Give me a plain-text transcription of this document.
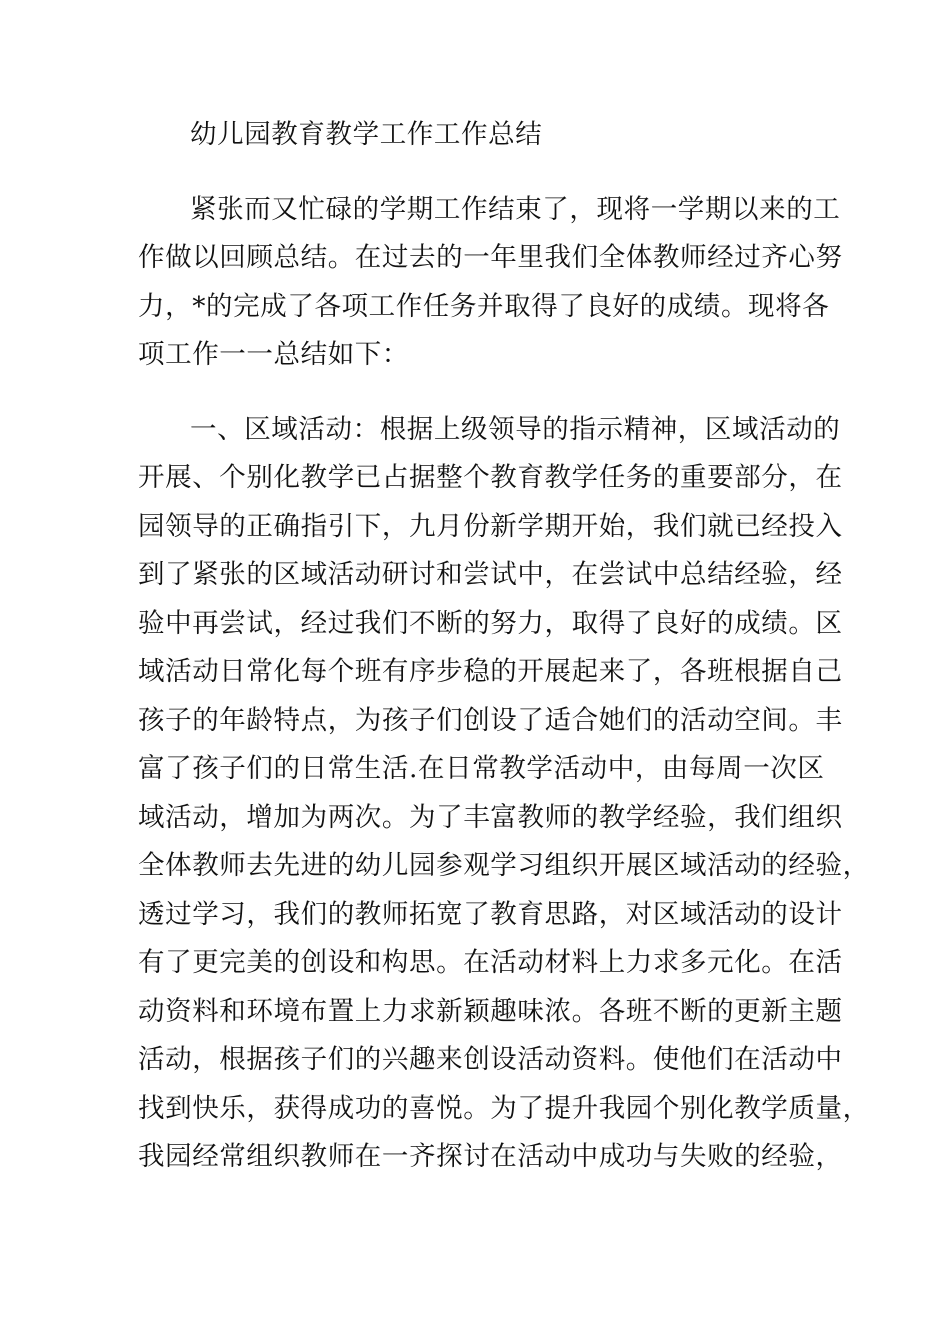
幼儿园教育教学工作工作总结
紧张而又忙碌的学期工作结束了，现将一学期以来的工
作做以回顾总结。在过去的一年里我们全体教师经过齐心努
力，*的完成了各项工作任务并取得了良好的成绩。现将各
项工作一一总结如下：
一、区域活动：根据上级领导的指示精神，区域活动的
开展、个别化教学已占据整个教育教学任务的重要部分，在
园领导的正确指引下，九月份新学期开始，我们就已经投入
到了紧张的区域活动研讨和尝试中，在尝试中总结经验，经
验中再尝试，经过我们不断的努力，取得了良好的成绩。区
域活动日常化每个班有序步稳的开展起来了，各班根据自己
孩子的年龄特点，为孩子们创设了适合她们的活动空间。丰
富了孩子们的日常生活.在日常教学活动中，由每周一次区
域活动，增加为两次。为了丰富教师的教学经验，我们组织
全体教师去先进的幼儿园参观学习组织开展区域活动的经验，
透过学习，我们的教师拓宽了教育思路，对区域活动的设计
有了更完美的创设和构思。在活动材料上力求多元化。在活
动资料和环境布置上力求新颖趣味浓。各班不断的更新主题
活动，根据孩子们的兴趣来创设活动资料。使他们在活动中
找到快乐，获得成功的喜悦。为了提升我园个别化教学质量，
我园经常组织教师在一齐探讨在活动中成功与失败的经验，
